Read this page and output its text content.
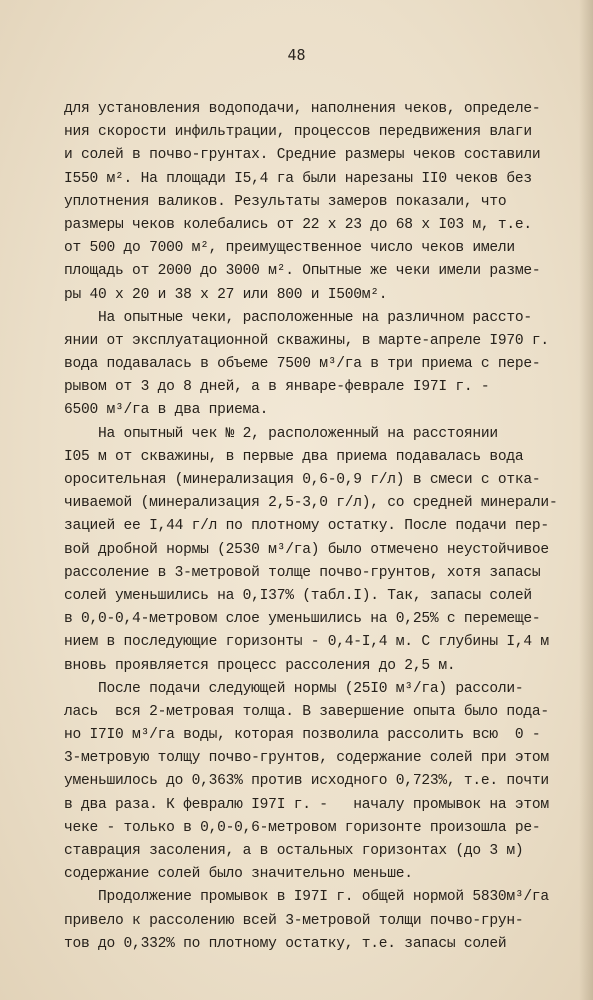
48
для установления водоподачи, наполнения чеков, определе-
ния скорости инфильтрации, процессов передвижения влаги
и солей в почво-грунтах. Средние размеры чеков составили
I550 м². На площади I5,4 га были нарезаны II0 чеков без
уплотнения валиков. Результаты замеров показали, что
размеры чеков колебались от 22 х 23 до 68 х I03 м, т.е.
от 500 до 7000 м², преимущественное число чеков имели
площадь от 2000 до 3000 м². Опытные же чеки имели разме-
ры 40 х 20 и 38 х 27 или 800 и I500м².
На опытные чеки, расположенные на различном рассто-
янии от эксплуатационной скважины, в марте-апреле I970 г.
вода подавалась в объеме 7500 м³/га в три приема с пере-
рывом от 3 до 8 дней, а в январе-феврале I97I г. -
6500 м³/га в два приема.
На опытный чек № 2, расположенный на расстоянии
I05 м от скважины, в первые два приема подавалась вода
оросительная (минерализация 0,6-0,9 г/л) в смеси с отка-
чиваемой (минерализация 2,5-3,0 г/л), со средней минерали-
зацией ее I,44 г/л по плотному остатку. После подачи пер-
вой дробной нормы (2530 м³/га) было отмечено неустойчивое
рассоление в 3-метровой толще почво-грунтов, хотя запасы
солей уменьшились на 0,I37% (табл.I). Так, запасы солей
в 0,0-0,4-метровом слое уменьшились на 0,25% с перемеще-
нием в последующие горизонты - 0,4-I,4 м. С глубины I,4 м
вновь проявляется процесс рассоления до 2,5 м.
После подачи следующей нормы (25I0 м³/га) рассоли-
лась  вся 2-метровая толща. В завершение опыта было пода-
но I7I0 м³/га воды, которая позволила рассолить всю  0 -
3-метровую толщу почво-грунтов, содержание солей при этом
уменьшилось до 0,363% против исходного 0,723%, т.е. почти
в два раза. К февралю I97I г. -   началу промывок на этом
чеке - только в 0,0-0,6-метровом горизонте произошла ре-
ставрация засоления, а в остальных горизонтах (до 3 м)
содержание солей было значительно меньше.
Продолжение промывок в I97I г. общей нормой 5830м³/га
привело к рассолению всей 3-метровой толщи почво-грун-
тов до 0,332% по плотному остатку, т.е. запасы солей
